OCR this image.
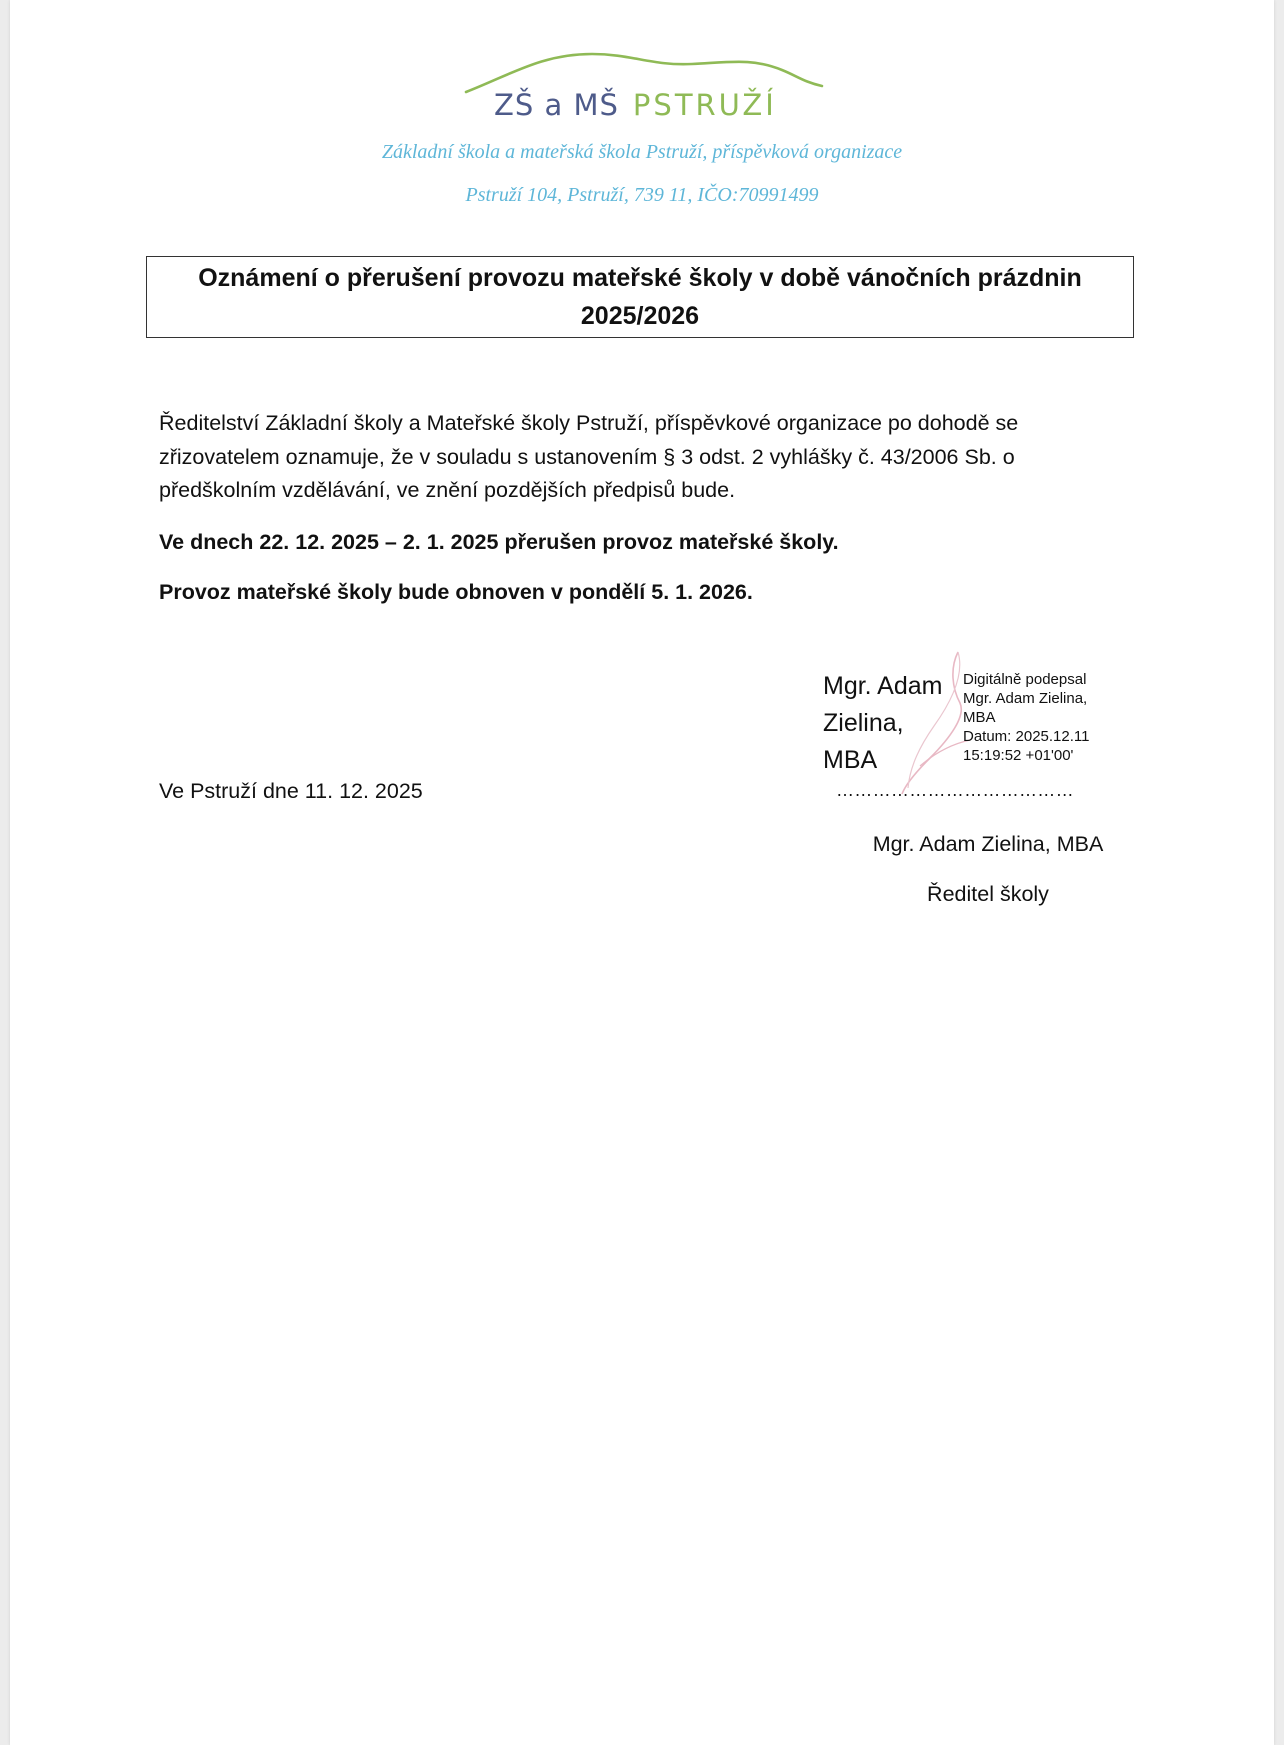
ZŠ a MŠ PSTRUŽÍ
Základní škola a mateřská škola Pstruží, příspěvková organizace
Pstruží 104, Pstruží, 739 11, IČO:70991499
Oznámení o přerušení provozu mateřské školy v době vánočních prázdnin
2025/2026
Ředitelství Základní školy a Mateřské školy Pstruží, příspěvkové organizace po dohodě se zřizovatelem oznamuje, že v souladu s ustanovením § 3 odst. 2 vyhlášky č. 43/2006 Sb. o předškolním vzdělávání, ve znění pozdějších předpisů bude.
Ve dnech 22. 12. 2025 – 2. 1. 2025 přerušen provoz mateřské školy.
Provoz mateřské školy bude obnoven v pondělí 5. 1. 2026.
Ve Pstruží dne 11. 12. 2025
Mgr. Adam
Zielina,
MBA
Digitálně podepsal
Mgr. Adam Zielina,
MBA
Datum: 2025.12.11
15:19:52 +01'00'
…………………………………
Mgr. Adam Zielina, MBA
Ředitel školy
